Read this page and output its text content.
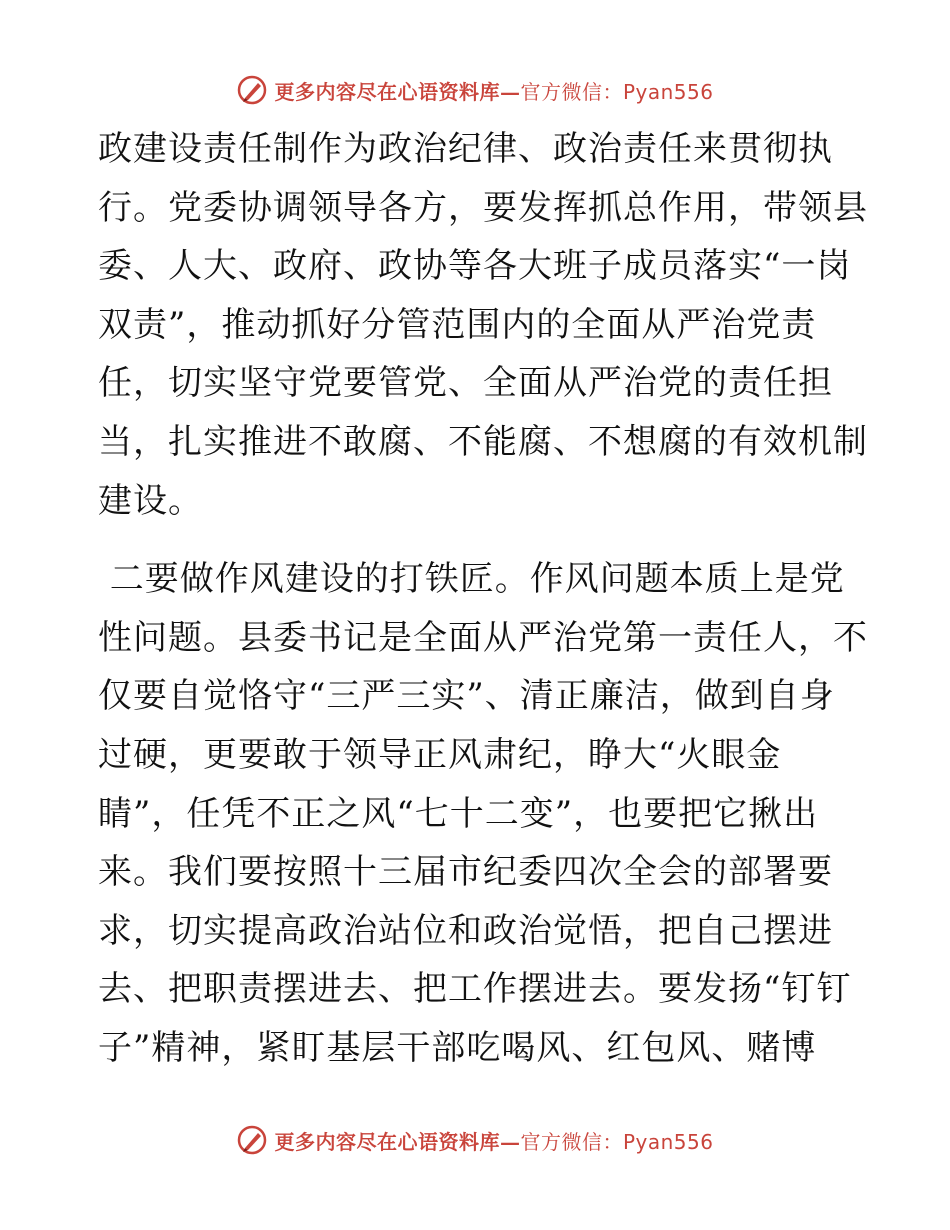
更多内容尽在心语资料库— 官方微信：Pyan556
政建设责任制作为政治纪律、政治责任来贯彻执
行。党委协调领导各方，要发挥抓总作用，带领县
委、人大、政府、政协等各大班子成员落实“一岗
双责”，推动抓好分管范围内的全面从严治党责
任，切实坚守党要管党、全面从严治党的责任担
当，扎实推进不敢腐、不能腐、不想腐的有效机制
建设。
二要做作风建设的打铁匠。作风问题本质上是党
性问题。县委书记是全面从严治党第一责任人，不
仅要自觉恪守“三严三实”、清正廉洁，做到自身
过硬，更要敢于领导正风肃纪，睁大“火眼金
睛”，任凭不正之风“七十二变”，也要把它揪出
来。我们要按照十三届市纪委四次全会的部署要
求，切实提高政治站位和政治觉悟，把自己摆进
去、把职责摆进去、把工作摆进去。要发扬“钉钉
子”精神，紧盯基层干部吃喝风、红包风、赌博
更多内容尽在心语资料库— 官方微信：Pyan556
